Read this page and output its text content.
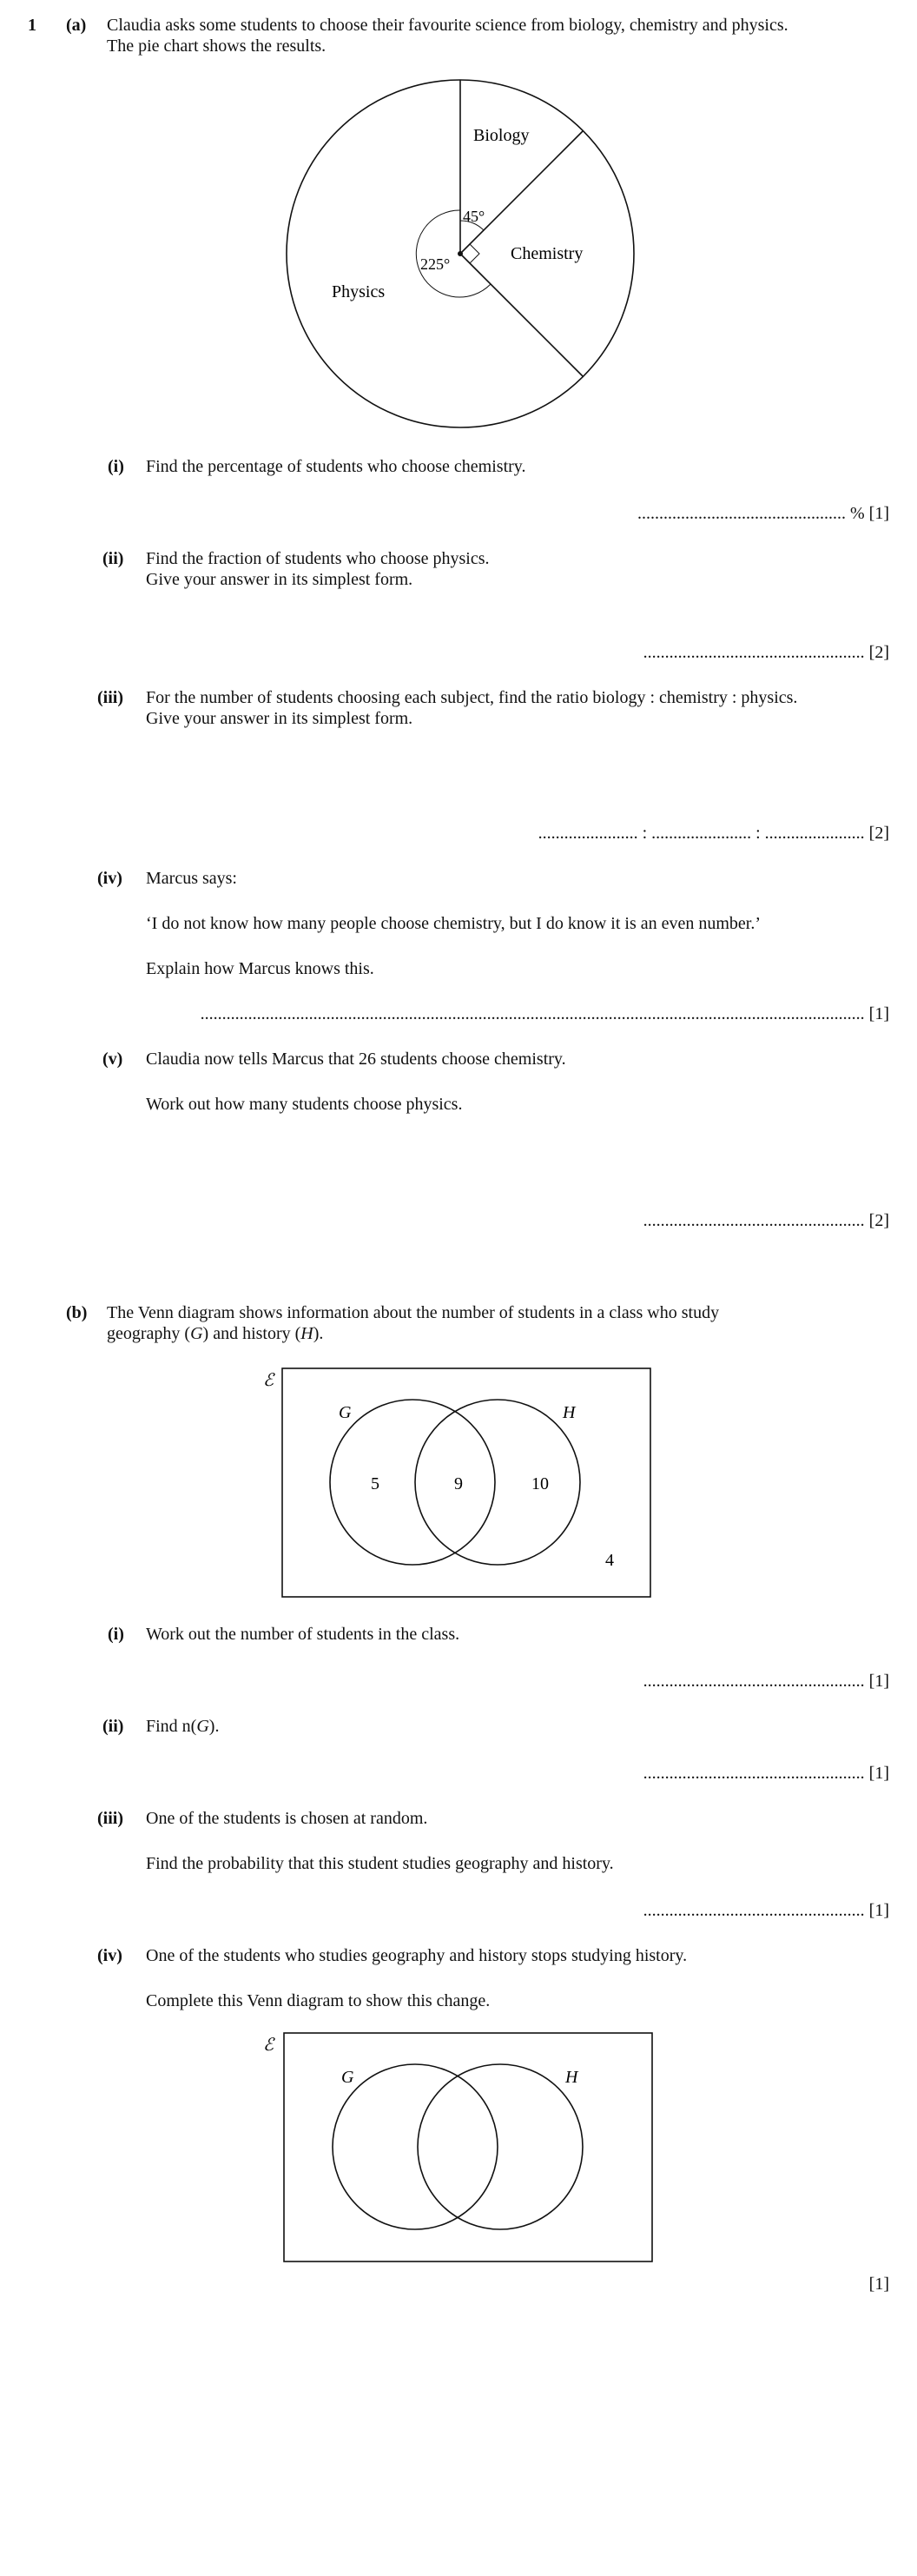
1 (a) Claudia asks some students to choose their favourite science from biology, chemistry and physics.
The pie chart shows the results.
Biology
Chemistry
Physics
45°
225°
(i) Find the percentage of students who choose chemistry.
................................................ % [1]
(ii) Find the fraction of students who choose physics.
Give your answer in its simplest form.
................................................... [2]
(iii) For the number of students choosing each subject, find the ratio biology : chemistry : physics.
Give your answer in its simplest form.
....................... : ....................... : ....................... [2]
(iv) Marcus says:
‘I do not know how many people choose chemistry, but I do know it is an even number.’
Explain how Marcus knows this.
......................................................................................................................................................... [1]
(v) Claudia now tells Marcus that 26 students choose chemistry.
Work out how many students choose physics.
................................................... [2]
(b) The Venn diagram shows information about the number of students in a class who study
geography (G) and history (H).
ℰ
G	H
5	9	10
4
(i) Work out the number of students in the class.
................................................... [1]
(ii) Find n(G).
................................................... [1]
(iii) One of the students is chosen at random.
Find the probability that this student studies geography and history.
................................................... [1]
(iv) One of the students who studies geography and history stops studying history.
Complete this Venn diagram to show this change.
ℰ
G	H
[1]
